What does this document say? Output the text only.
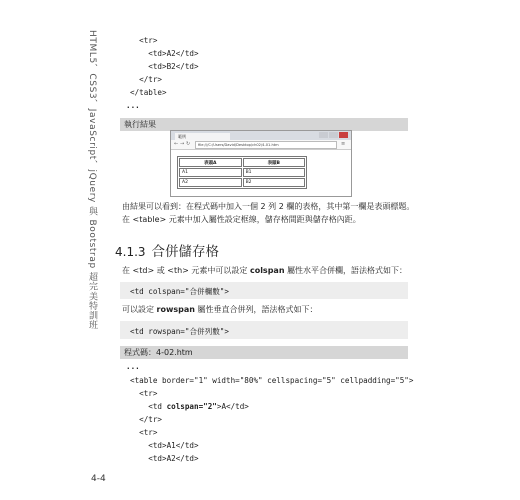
HTML5、CSS3、JavaScript、jQuery 與 Bootstrap 超完美特訓班	<tr>
<td>A2</td>
<td>B2</td>
</tr>
</table>
...
執行結果
範例
← → ↻	file:///C:/Users/David/Desktop/ch02/4-01.htm	≡
表頭A	表頭B
A1	B1
A2	B2
由結果可以看到：在程式碼中加入一個 2 列 2 欄的表格，其中第一欄是表頭標題。
在 <table> 元素中加入屬性設定框線，儲存格間距與儲存格內距。
4.1.3 合併儲存格
在 <td> 或 <th> 元素中可以設定 colspan 屬性水平合併欄，語法格式如下：
<td colspan="合併欄數">
可以設定 rowspan 屬性垂直合併列，語法格式如下：
<td rowspan="合併列數">
程式碼：4-02.htm
...
<table border="1" width="80%" cellspacing="5" cellpadding="5">
<tr>
<td colspan="2">A</td>
</tr>
<tr>
<td>A1</td>
<td>A2</td>
4-4
